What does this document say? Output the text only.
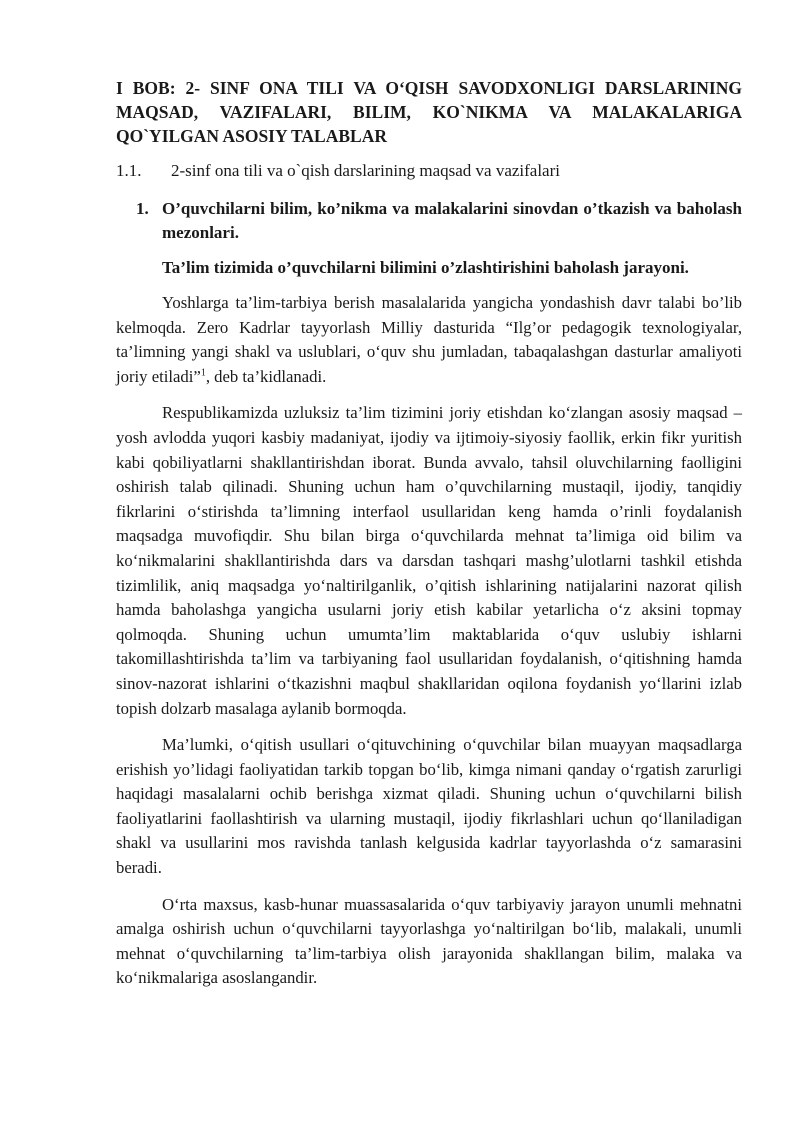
I BOB: 2- SINF ONA TILI VA O‘QISH SAVODXONLIGI DARSLARINING MAQSAD, VAZIFALARI, BILIM, KO`NIKMA VA MALAKALARIGA QO`YILGAN ASOSIY TALABLAR
1.1. 2-sinf ona tili va o`qish darslarining maqsad va vazifalari
1. O’quvchilarni bilim, ko’nikma va malakalarini sinovdan o’tkazish va baholash mezonlari.
Ta’lim tizimida o’quvchilarni bilimini o’zlashtirishini baholash jarayoni.

Yoshlarga ta’lim-tarbiya berish masalalarida yangicha yondashish davr talabi bo’lib kelmoqda. Zero Kadrlar tayyorlash Milliy dasturida “Ilg’or pedagogik texnologiyalar, ta’limning yangi shakl va uslublari, o‘quv shu jumladan, tabaqalashgan dasturlar amaliyoti joriy etiladi”$^1$, deb ta’kidlanadi.

Respublikamizda uzluksiz ta’lim tizimini joriy etishdan ko‘zlangan asosiy maqsad – yosh avlodda yuqori kasbiy madaniyat, ijodiy va ijtimoiy-siyosiy faollik, erkin fikr yuritish kabi qobiliyatlarni shakllantirishdan iborat. Bunda avvalo, tahsil oluvchilarning faolligini oshirish talab qilinadi. Shuning uchun ham o’quvchilarning mustaqil, ijodiy, tanqidiy fikrlarini o‘stirishda ta’limning interfaol usullaridan keng hamda o’rinli foydalanish maqsadga muvofiqdir. Shu bilan birga o‘quvchilarda mehnat ta’limiga oid bilim va ko‘nikmalarini shakllantirishda dars va darsdan tashqari mashg’ulotlarni tashkil etishda tizimlilik, aniq maqsadga yo‘naltirilganlik, o’qitish ishlarining natijalarini nazorat qilish hamda baholashga yangicha usularni joriy etish kabilar yetarlicha o‘z aksini topmay qolmoqda. Shuning uchun umumta’lim maktablarida o‘quv uslubiy ishlarni takomillashtirishda ta’lim va tarbiyaning faol usullaridan foydalanish, o‘qitishning hamda sinov-nazorat ishlarini o‘tkazishni maqbul shakllaridan oqilona foydanish yo‘llarini izlab topish dolzarb masalaga aylanib bormoqda.

Ma’lumki, o‘qitish usullari o‘qituvchining o‘quvchilar bilan muayyan maqsadlarga erishish yo’lidagi faoliyatidan tarkib topgan bo‘lib, kimga nimani qanday o‘rgatish zarurligi haqidagi masalalarni ochib berishga xizmat qiladi. Shuning uchun o‘quvchilarni bilish faoliyatlarini faollashtirish va ularning mustaqil, ijodiy fikrlashlari uchun qo‘llaniladigan shakl va usullarini mos ravishda tanlash kelgusida kadrlar tayyorlashda o‘z samarasini beradi.

O‘rta maxsus, kasb-hunar muassasalarida o‘quv tarbiyaviy jarayon unumli mehnatni amalga oshirish uchun o‘quvchilarni tayyorlashga yo‘naltirilgan bo‘lib, malakali, unumli mehnat o‘quvchilarning ta’lim-tarbiya olish jarayonida shakllangan bilim, malaka va ko‘nikmalariga asoslangandir.
